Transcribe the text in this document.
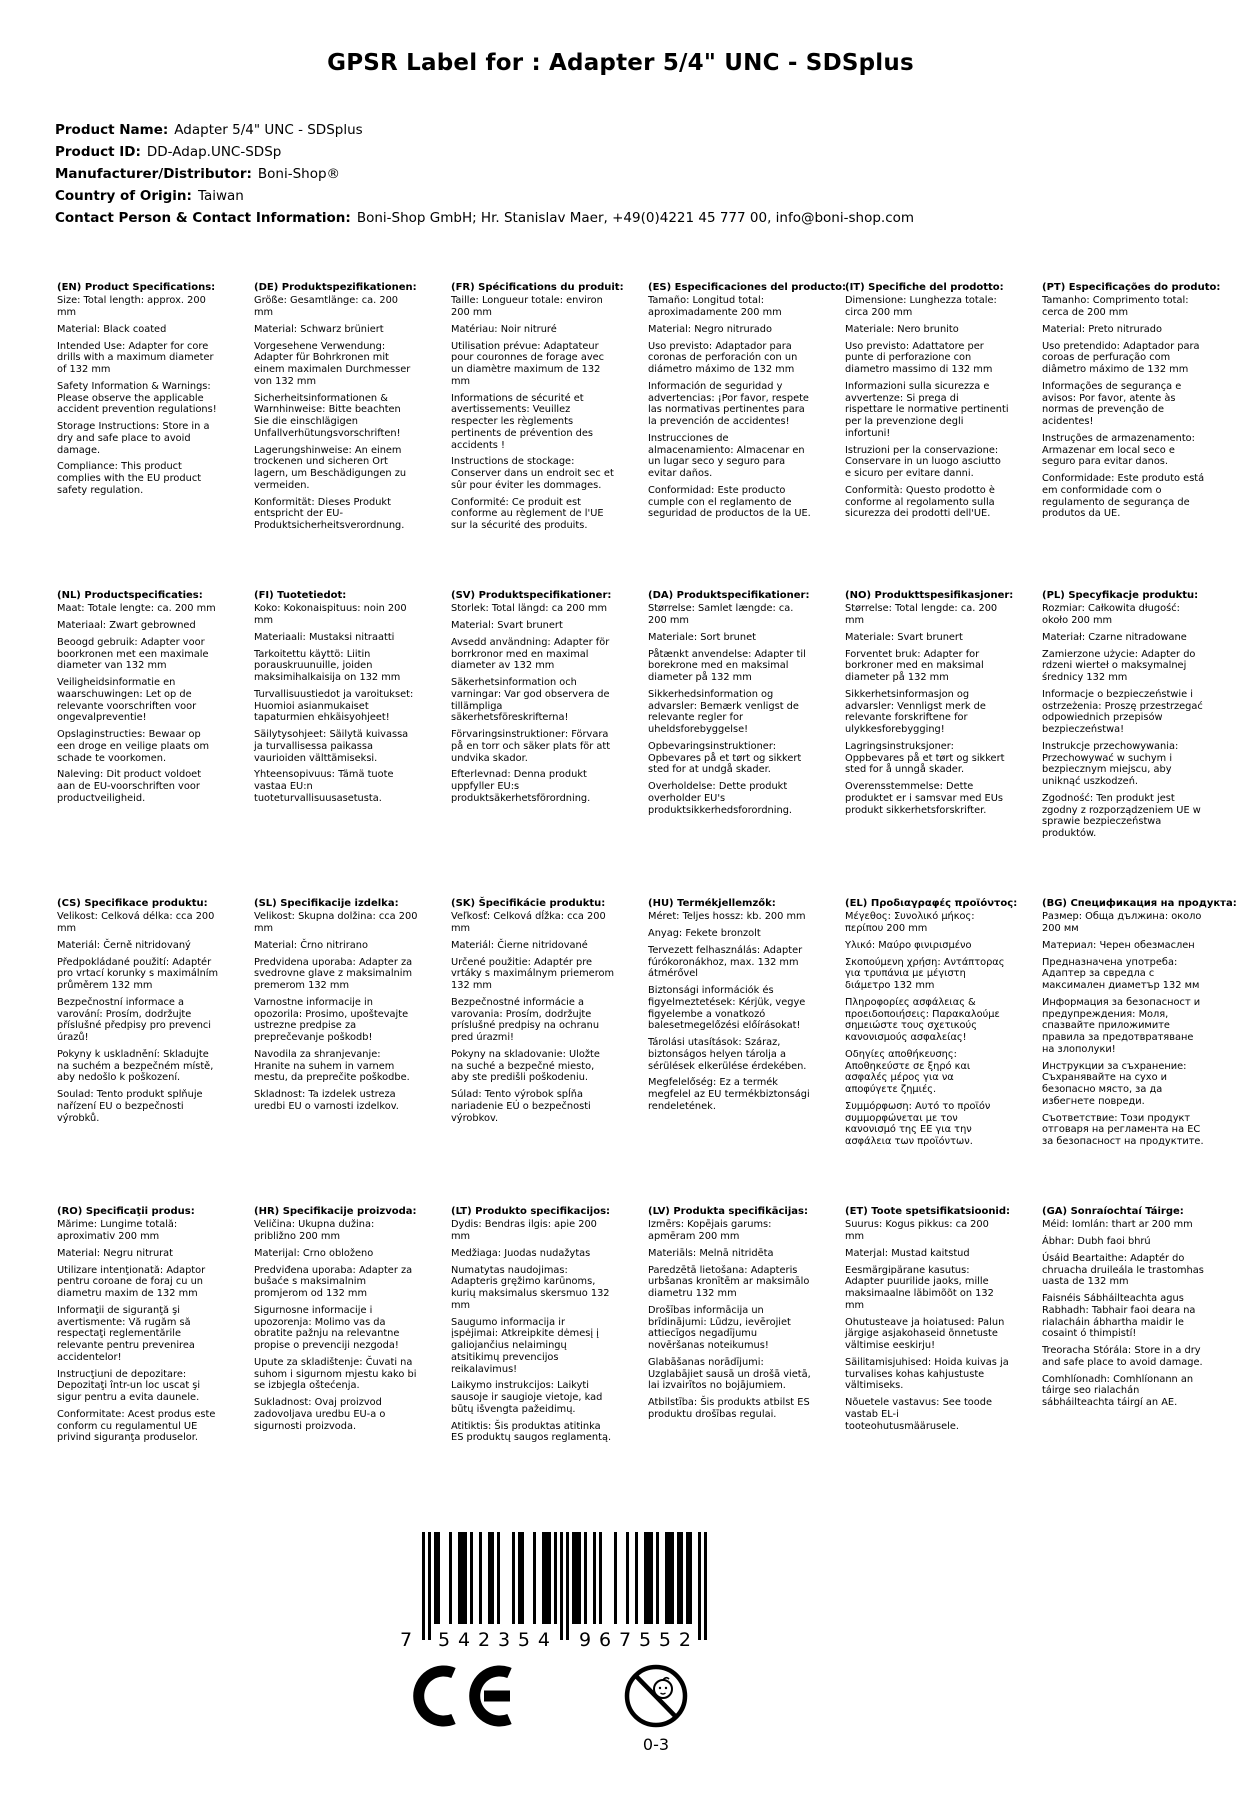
GPSR Label for : Adapter 5/4" UNC - SDSplus
Product Name: Adapter 5/4" UNC - SDSplus
Product ID: DD-Adap.UNC-SDSp
Manufacturer/Distributor: Boni-Shop®
Country of Origin: Taiwan
Contact Person & Contact Information: Boni-Shop GmbH; Hr. Stanislav Maer, +49(0)4221 45 777 00, info@boni-shop.com
(EN) Product Specifications:

Size: Total length: approx. 200 mm

Material: Black coated

Intended Use: Adapter for core drills with a maximum diameter of 132 mm

Safety Information & Warnings: Please observe the applicable accident prevention regulations!

Storage Instructions: Store in a dry and safe place to avoid damage.

Compliance: This product complies with the EU product safety regulation.

(DE) Produktspezifikationen:

Größe: Gesamtlänge: ca. 200 mm

Material: Schwarz brüniert

Vorgesehene Verwendung: Adapter für Bohrkronen mit einem maximalen Durchmesser von 132 mm

Sicherheitsinformationen & Warnhinweise: Bitte beachten Sie die einschlägigen Unfallverhütungsvorschriften!

Lagerungshinweise: An einem trockenen und sicheren Ort lagern, um Beschädigungen zu vermeiden.

Konformität: Dieses Produkt entspricht der EU-Produktsicherheitsverordnung.

(FR) Spécifications du produit:

Taille: Longueur totale: environ 200 mm

Matériau: Noir nitruré

Utilisation prévue: Adaptateur pour couronnes de forage avec un diamètre maximum de 132 mm

Informations de sécurité et avertissements: Veuillez respecter les règlements pertinents de prévention des accidents !

Instructions de stockage: Conserver dans un endroit sec et sûr pour éviter les dommages.

Conformité: Ce produit est conforme au règlement de l'UE sur la sécurité des produits.

(ES) Especificaciones del producto:

Tamaño: Longitud total: aproximadamente 200 mm

Material: Negro nitrurado

Uso previsto: Adaptador para coronas de perforación con un diámetro máximo de 132 mm

Información de seguridad y advertencias: ¡Por favor, respete las normativas pertinentes para la prevención de accidentes!

Instrucciones de almacenamiento: Almacenar en un lugar seco y seguro para evitar daños.

Conformidad: Este producto cumple con el reglamento de seguridad de productos de la UE.

(IT) Specifiche del prodotto:

Dimensione: Lunghezza totale: circa 200 mm

Materiale: Nero brunito

Uso previsto: Adattatore per punte di perforazione con diametro massimo di 132 mm

Informazioni sulla sicurezza e avvertenze: Si prega di rispettare le normative pertinenti per la prevenzione degli infortuni!

Istruzioni per la conservazione: Conservare in un luogo asciutto e sicuro per evitare danni.

Conformità: Questo prodotto è conforme al regolamento sulla sicurezza dei prodotti dell'UE.

(PT) Especificações do produto:

Tamanho: Comprimento total: cerca de 200 mm

Material: Preto nitrurado

Uso pretendido: Adaptador para coroas de perfuração com diâmetro máximo de 132 mm

Informações de segurança e avisos: Por favor, atente às normas de prevenção de acidentes!

Instruções de armazenamento: Armazenar em local seco e seguro para evitar danos.

Conformidade: Este produto está em conformidade com o regulamento de segurança de produtos da UE.

(NL) Productspecificaties:

Maat: Totale lengte: ca. 200 mm

Materiaal: Zwart gebrowned

Beoogd gebruik: Adapter voor boorkronen met een maximale diameter van 132 mm

Veiligheidsinformatie en waarschuwingen: Let op de relevante voorschriften voor ongevalpreventie!

Opslaginstructies: Bewaar op een droge en veilige plaats om schade te voorkomen.

Naleving: Dit product voldoet aan de EU-voorschriften voor productveiligheid.

(FI) Tuotetiedot:

Koko: Kokonaispituus: noin 200 mm

Materiaali: Mustaksi nitraatti

Tarkoitettu käyttö: Liitin porauskruunuille, joiden maksimihalkaisija on 132 mm

Turvallisuustiedot ja varoitukset: Huomioi asianmukaiset tapaturmien ehkäisyohjeet!

Säilytysohjeet: Säilytä kuivassa ja turvallisessa paikassa vaurioiden välttämiseksi.

Yhteensopivuus: Tämä tuote vastaa EU:n tuoteturvallisuusasetusta.

(SV) Produktspecifikationer:

Storlek: Total längd: ca 200 mm

Material: Svart brunert

Avsedd användning: Adapter för borrkronor med en maximal diameter av 132 mm

Säkerhetsinformation och varningar: Var god observera de tillämpliga säkerhetsföreskrifterna!

Förvaringsinstruktioner: Förvara på en torr och säker plats för att undvika skador.

Efterlevnad: Denna produkt uppfyller EU:s produktsäkerhetsförordning.

(DA) Produktspecifikationer:

Størrelse: Samlet længde: ca. 200 mm

Materiale: Sort brunet

Påtænkt anvendelse: Adapter til borekrone med en maksimal diameter på 132 mm

Sikkerhedsinformation og advarsler: Bemærk venligst de relevante regler for uheldsforebyggelse!

Opbevaringsinstruktioner: Opbevares på et tørt og sikkert sted for at undgå skader.

Overholdelse: Dette produkt overholder EU's produktsikkerhedsforordning.

(NO) Produkttspesifikasjoner:

Størrelse: Total lengde: ca. 200 mm

Materiale: Svart brunert

Forventet bruk: Adapter for borkroner med en maksimal diameter på 132 mm

Sikkerhetsinformasjon og advarsler: Vennligst merk de relevante forskriftene for ulykkesforebygging!

Lagringsinstruksjoner: Oppbevares på et tørt og sikkert sted for å unngå skader.

Overensstemmelse: Dette produktet er i samsvar med EUs produkt sikkerhetsforskrifter.

(PL) Specyfikacje produktu:

Rozmiar: Całkowita długość: około 200 mm

Materiał: Czarne nitradowane

Zamierzone użycie: Adapter do rdzeni wierteł o maksymalnej średnicy 132 mm

Informacje o bezpieczeństwie i ostrzeżenia: Proszę przestrzegać odpowiednich przepisów bezpieczeństwa!

Instrukcje przechowywania: Przechowywać w suchym i bezpiecznym miejscu, aby uniknąć uszkodzeń.

Zgodność: Ten produkt jest zgodny z rozporządzeniem UE w sprawie bezpieczeństwa produktów.

(CS) Specifikace produktu:

Velikost: Celková délka: cca 200 mm

Materiál: Černě nitridovaný

Předpokládané použití: Adaptér pro vrtací korunky s maximálním průměrem 132 mm

Bezpečnostní informace a varování: Prosím, dodržujte příslušné předpisy pro prevenci úrazů!

Pokyny k uskladnění: Skladujte na suchém a bezpečném místě, aby nedošlo k poškození.

Soulad: Tento produkt splňuje nařízení EU o bezpečnosti výrobků.

(SL) Specifikacije izdelka:

Velikost: Skupna dolžina: cca 200 mm

Material: Črno nitrirano

Predvidena uporaba: Adapter za svedrovne glave z maksimalnim premerom 132 mm

Varnostne informacije in opozorila: Prosimo, upoštevajte ustrezne predpise za preprečevanje poškodb!

Navodila za shranjevanje: Hranite na suhem in varnem mestu, da preprečite poškodbe.

Skladnost: Ta izdelek ustreza uredbi EU o varnosti izdelkov.

(SK) Špecifikácie produktu:

Veľkosť: Celková dĺžka: cca 200 mm

Materiál: Čierne nitridované

Určené použitie: Adaptér pre vrtáky s maximálnym priemerom 132 mm

Bezpečnostné informácie a varovania: Prosím, dodržujte príslušné predpisy na ochranu pred úrazmi!

Pokyny na skladovanie: Uložte na suché a bezpečné miesto, aby ste predišli poškodeniu.

Súlad: Tento výrobok spĺňa nariadenie EÚ o bezpečnosti výrobkov.

(HU) Termékjellemzők:

Méret: Teljes hossz: kb. 200 mm

Anyag: Fekete bronzolt

Tervezett felhasználás: Adapter fúrókoronákhoz, max. 132 mm átmérővel

Biztonsági információk és figyelmeztetések: Kérjük, vegye figyelembe a vonatkozó balesetmegelőzési előírásokat!

Tárolási utasítások: Száraz, biztonságos helyen tárolja a sérülések elkerülése érdekében.

Megfelelőség: Ez a termék megfelel az EU termékbiztonsági rendeletének.

(EL) Προδιαγραφές προϊόντος:

Μέγεθος: Συνολικό μήκος: περίπου 200 mm

Υλικό: Μαύρο φινιρισμένο

Σκοπούμενη χρήση: Αντάπτορας για τρυπάνια με μέγιστη διάμετρο 132 mm

Πληροφορίες ασφάλειας & προειδοποιήσεις: Παρακαλούμε σημειώστε τους σχετικούς κανονισμούς ασφαλείας!

Οδηγίες αποθήκευσης: Αποθηκεύστε σε ξηρό και ασφαλές μέρος για να αποφύγετε ζημιές.

Συμμόρφωση: Αυτό το προϊόν συμμορφώνεται με τον κανονισμό της ΕΕ για την ασφάλεια των προϊόντων.

(BG) Спецификация на продукта:

Размер: Обща дължина: около 200 мм

Материал: Черен обезмаслен

Предназначена употреба: Адаптер за свредла с максимален диаметър 132 мм

Информация за безопасност и предупреждения: Моля, спазвайте приложимите правила за предотвратяване на злополуки!

Инструкции за съхранение: Съхранявайте на сухо и безопасно място, за да избегнете повреди.

Съответствие: Този продукт отговаря на регламента на ЕС за безопасност на продуктите.

(RO) Specificaţii produs:

Mărime: Lungime totală: aproximativ 200 mm

Material: Negru nitrurat

Utilizare intenţionată: Adaptor pentru coroane de foraj cu un diametru maxim de 132 mm

Informaţii de siguranţă şi avertismente: Vă rugăm să respectaţi reglementările relevante pentru prevenirea accidentelor!

Instrucţiuni de depozitare: Depozitaţi într-un loc uscat şi sigur pentru a evita daunele.

Conformitate: Acest produs este conform cu regulamentul UE privind siguranţa produselor.

(HR) Specifikacije proizvoda:

Veličina: Ukupna dužina: približno 200 mm

Materijal: Crno obloženo

Predviđena uporaba: Adapter za bušaće s maksimalnim promjerom od 132 mm

Sigurnosne informacije i upozorenja: Molimo vas da obratite pažnju na relevantne propise o prevenciji nezgoda!

Upute za skladištenje: Čuvati na suhom i sigurnom mjestu kako bi se izbjegla oštećenja.

Sukladnost: Ovaj proizvod zadovoljava uredbu EU-a o sigurnosti proizvoda.

(LT) Produkto specifikacijos:

Dydis: Bendras ilgis: apie 200 mm

Medžiaga: Juodas nudažytas

Numatytas naudojimas: Adapteris gręžimo karūnoms, kurių maksimalus skersmuo 132 mm

Saugumo informacija ir įspėjimai: Atkreipkite dėmesį į galiojančius nelaimingų atsitikimų prevencijos reikalavimus!

Laikymo instrukcijos: Laikyti sausoje ir saugioje vietoje, kad būtų išvengta pažeidimų.

Atitiktis: Šis produktas atitinka ES produktų saugos reglamentą.

(LV) Produkta specifikācijas:

Izmērs: Kopējais garums: apmēram 200 mm

Materiāls: Melnā nitridēta

Paredzētā lietošana: Adapteris urbšanas kronītēm ar maksimālo diametru 132 mm

Drošības informācija un brīdinājumi: Lūdzu, ievērojiet attiecīgos negadījumu novēršanas noteikumus!

Glabāšanas norādījumi: Uzglabājiet sausā un drošā vietā, lai izvairītos no bojājumiem.

Atbilstība: Šis produkts atbilst ES produktu drošības regulai.

(ET) Toote spetsifikatsioonid:

Suurus: Kogus pikkus: ca 200 mm

Materjal: Mustad kaitstud

Eesmärgipärane kasutus: Adapter puurilide jaoks, mille maksimaalne läbimõõt on 132 mm

Ohutusteave ja hoiatused: Palun järgige asjakohaseid õnnetuste vältimise eeskirju!

Säilitamisjuhised: Hoida kuivas ja turvalises kohas kahjustuste vältimiseks.

Nõuetele vastavus: See toode vastab EL-i tooteohutusmäärusele.

(GA) Sonraíochtaí Táirge:

Méid: Iomlán: thart ar 200 mm

Ábhar: Dubh faoi bhrú

Úsáid Beartaithe: Adaptér do chruacha druileála le trastomhas uasta de 132 mm

Faisnéis Sábháilteachta agus Rabhadh: Tabhair faoi deara na rialacháin ábhartha maidir le cosaint ó thimpistí!

Treoracha Stórála: Store in a dry and safe place to avoid damage.

Comhlíonadh: Comhlíonann an táirge seo rialachán sábháilteachta táirgí an AE.

7 542354 967552
0-3
